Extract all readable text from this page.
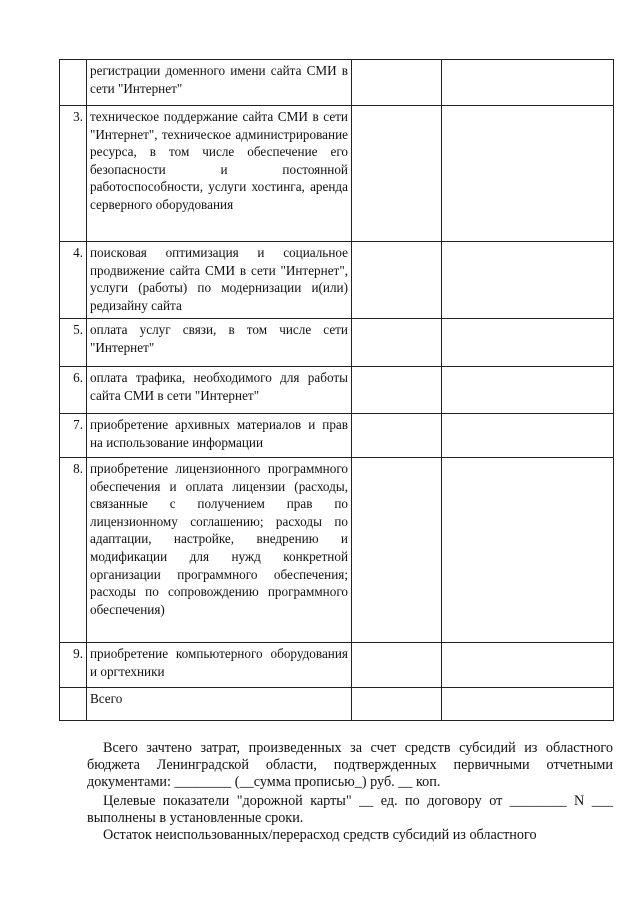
	регистрации доменного имени сайта СМИ в сети "Интернет"		
3.	техническое поддержание сайта СМИ в сети "Интернет", техническое администрирование ресурса, в том числе обеспечение его безопасности и постоянной работоспособности, услуги хостинга, аренда серверного оборудования		
4.	поисковая оптимизация и социальное продвижение сайта СМИ в сети "Интернет", услуги (работы) по модернизации и(или) редизайну сайта		
5.	оплата услуг связи, в том числе сети "Интернет"		
6.	оплата трафика, необходимого для работы сайта СМИ в сети "Интернет"		
7.	приобретение архивных материалов и прав на использование информации		
8.	приобретение лицензионного программного обеспечения и оплата лицензии (расходы, связанные с получением прав по лицензионному соглашению; расходы по адаптации, настройке, внедрению и модификации для нужд конкретной организации программного обеспечения; расходы по сопровождению программного обеспечения)		
9.	приобретение компьютерного оборудования и оргтехники		
	Всего		

Всего зачтено затрат, произведенных за счет средств субсидий из областного бюджета Ленинградской области, подтвержденных первичными отчетными документами: ________ (__сумма прописью_) руб. __ коп.

Целевые показатели "дорожной карты" __ ед. по договору от ________ N ___ выполнены в установленные сроки.

Остаток неиспользованных/перерасход средств субсидий из областного
